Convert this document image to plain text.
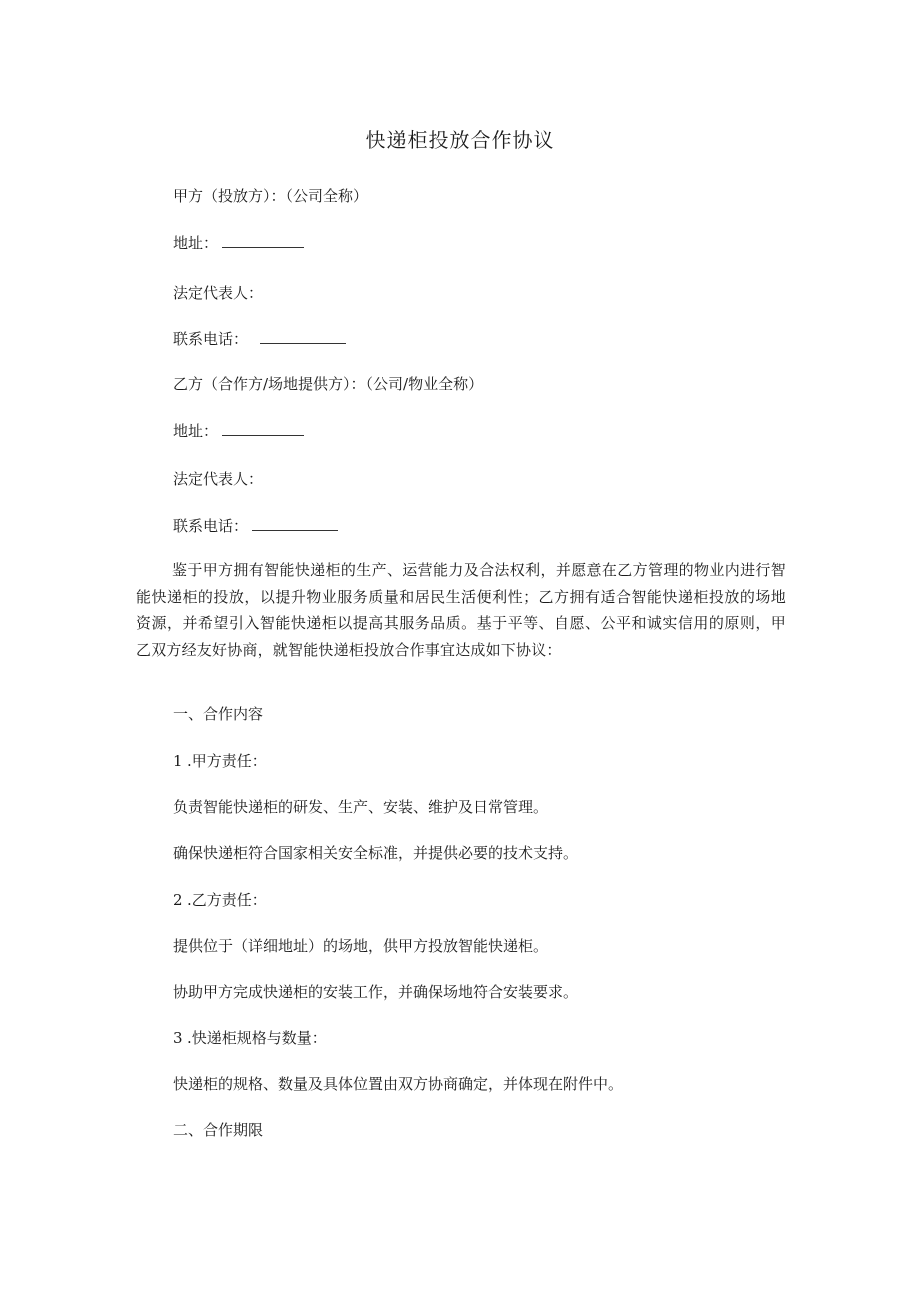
快递柜投放合作协议
甲方（投放方）：（公司全称）
地址：
法定代表人：
联系电话：
乙方（合作方/场地提供方）：（公司/物业全称）
地址：
法定代表人：
联系电话：
鉴于甲方拥有智能快递柜的生产、运营能力及合法权利，并愿意在乙方管理的物业内进行智能快递柜的投放，以提升物业服务质量和居民生活便利性；乙方拥有适合智能快递柜投放的场地资源，并希望引入智能快递柜以提高其服务品质。基于平等、自愿、公平和诚实信用的原则，甲乙双方经友好协商，就智能快递柜投放合作事宜达成如下协议：
一、合作内容
1 .甲方责任：
负责智能快递柜的研发、生产、安装、维护及日常管理。
确保快递柜符合国家相关安全标准，并提供必要的技术支持。
2 .乙方责任：
提供位于（详细地址）的场地，供甲方投放智能快递柜。
协助甲方完成快递柜的安装工作，并确保场地符合安装要求。
3 .快递柜规格与数量：
快递柜的规格、数量及具体位置由双方协商确定，并体现在附件中。
二、合作期限
